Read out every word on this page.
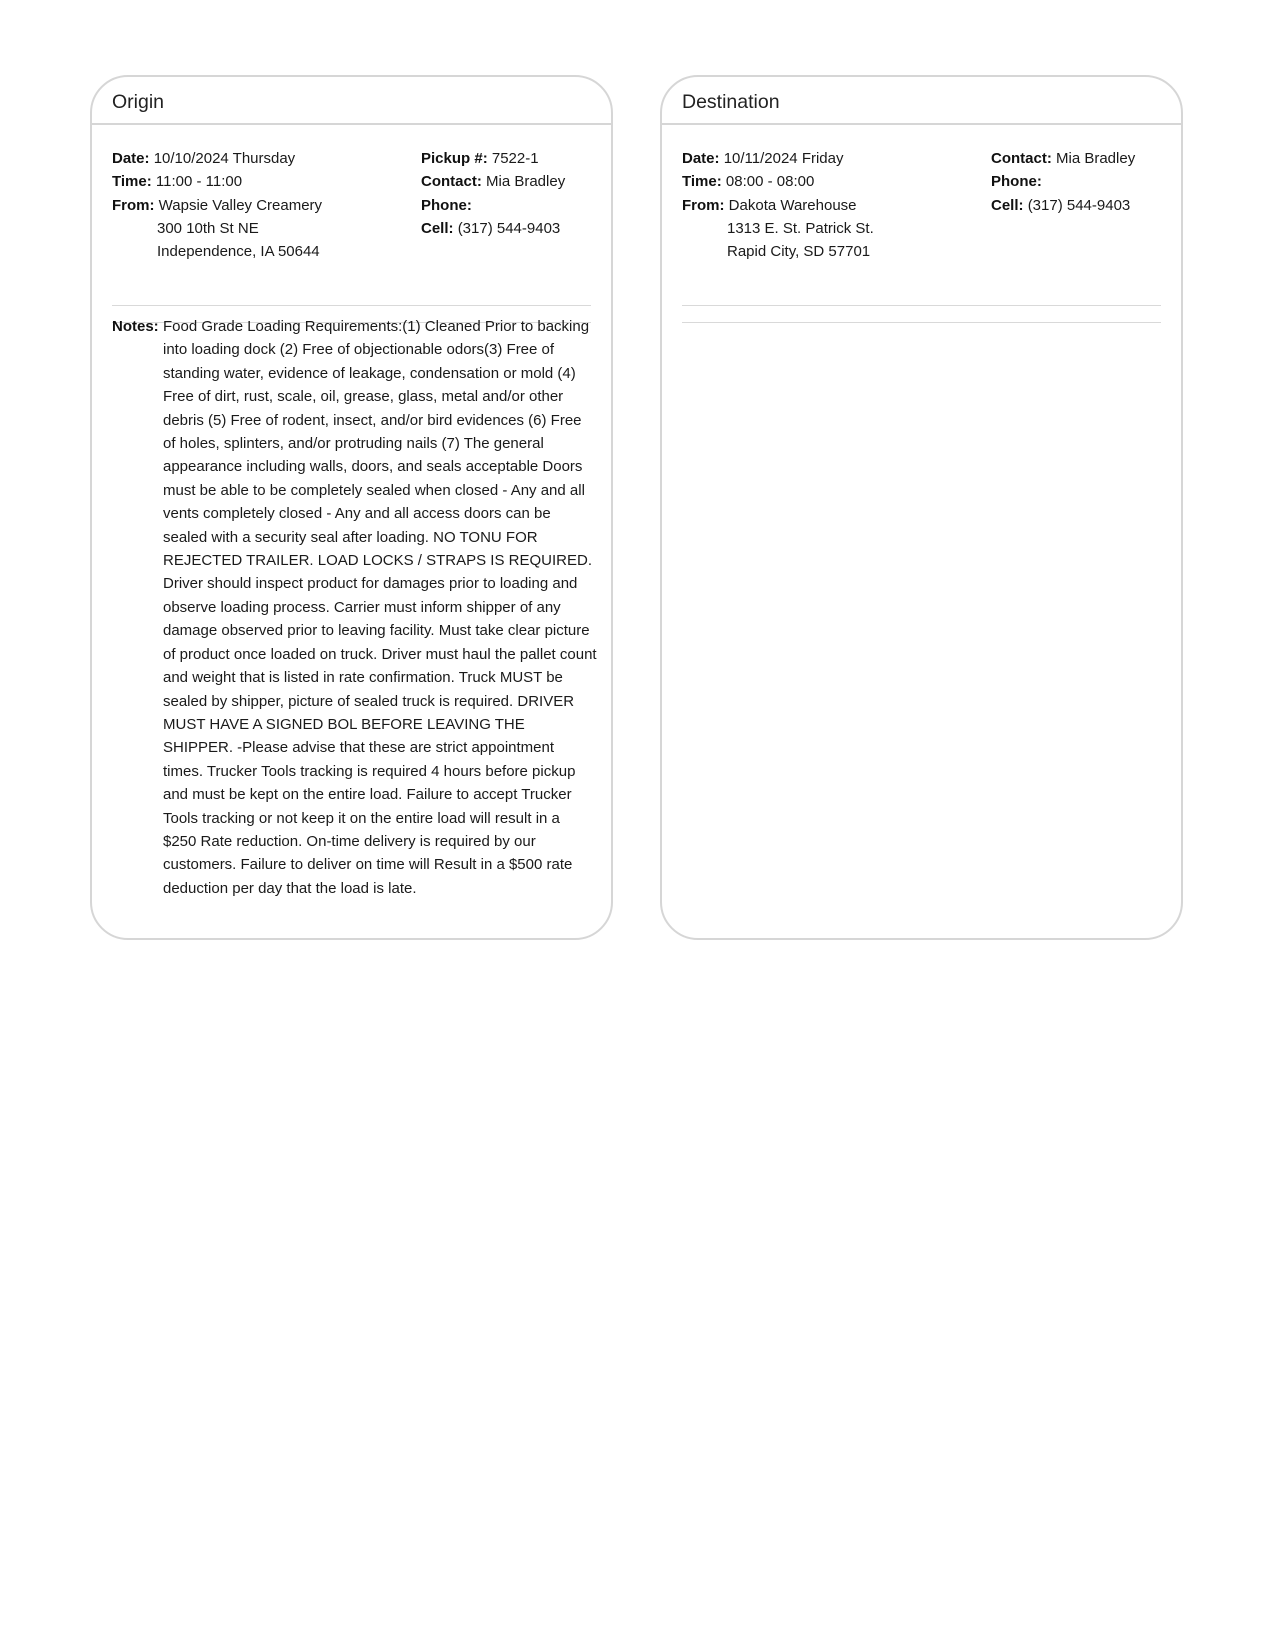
Origin
Date: 10/10/2024 Thursday
Time: 11:00 - 11:00
From: Wapsie Valley Creamery
300 10th St NE
Independence, IA 50644
Pickup #: 7522-1
Contact: Mia Bradley
Phone:
Cell: (317) 544-9403
Notes: Food Grade Loading Requirements:(1) Cleaned Prior to backing into loading dock (2) Free of objectionable odors(3) Free of standing water, evidence of leakage, condensation or mold (4) Free of dirt, rust, scale, oil, grease, glass, metal and/or other debris (5) Free of rodent, insect, and/or bird evidences (6) Free of holes, splinters, and/or protruding nails (7) The general appearance including walls, doors, and seals acceptable Doors must be able to be completely sealed when closed - Any and all vents completely closed - Any and all access doors can be sealed with a security seal after loading. NO TONU FOR REJECTED TRAILER. LOAD LOCKS / STRAPS IS REQUIRED. Driver should inspect product for damages prior to loading and observe loading process. Carrier must inform shipper of any damage observed prior to leaving facility. Must take clear picture of product once loaded on truck. Driver must haul the pallet count and weight that is listed in rate confirmation. Truck MUST be sealed by shipper, picture of sealed truck is required. DRIVER MUST HAVE A SIGNED BOL BEFORE LEAVING THE SHIPPER. -Please advise that these are strict appointment times. Trucker Tools tracking is required 4 hours before pickup and must be kept on the entire load. Failure to accept Trucker Tools tracking or not keep it on the entire load will result in a $250 Rate reduction. On-time delivery is required by our customers. Failure to deliver on time will Result in a $500 rate deduction per day that the load is late.
Destination
Date: 10/11/2024 Friday
Time: 08:00 - 08:00
From: Dakota Warehouse
1313 E. St. Patrick St.
Rapid City, SD 57701
Contact: Mia Bradley
Phone:
Cell: (317) 544-9403
